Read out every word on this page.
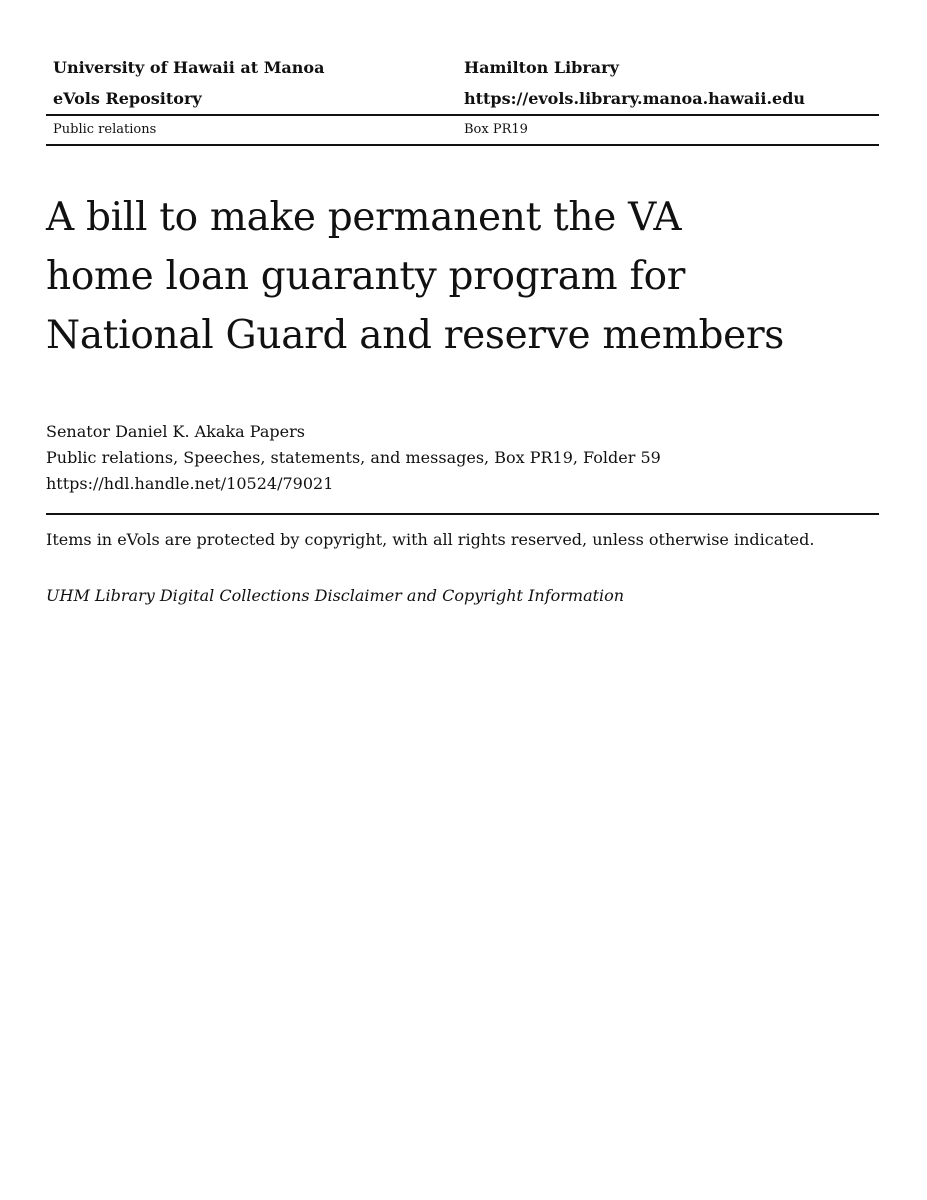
University of Hawaii at Manoa	Hamilton Library
eVols Repository	https://evols.library.manoa.hawaii.edu
Public relations	Box PR19
A bill to make permanent the VA
home loan guaranty program for
National Guard and reserve members
Senator Daniel K. Akaka Papers
Public relations, Speeches, statements, and messages, Box PR19, Folder 59
https://hdl.handle.net/10524/79021
Items in eVols are protected by copyright, with all rights reserved, unless otherwise indicated.
UHM Library Digital Collections Disclaimer and Copyright Information
